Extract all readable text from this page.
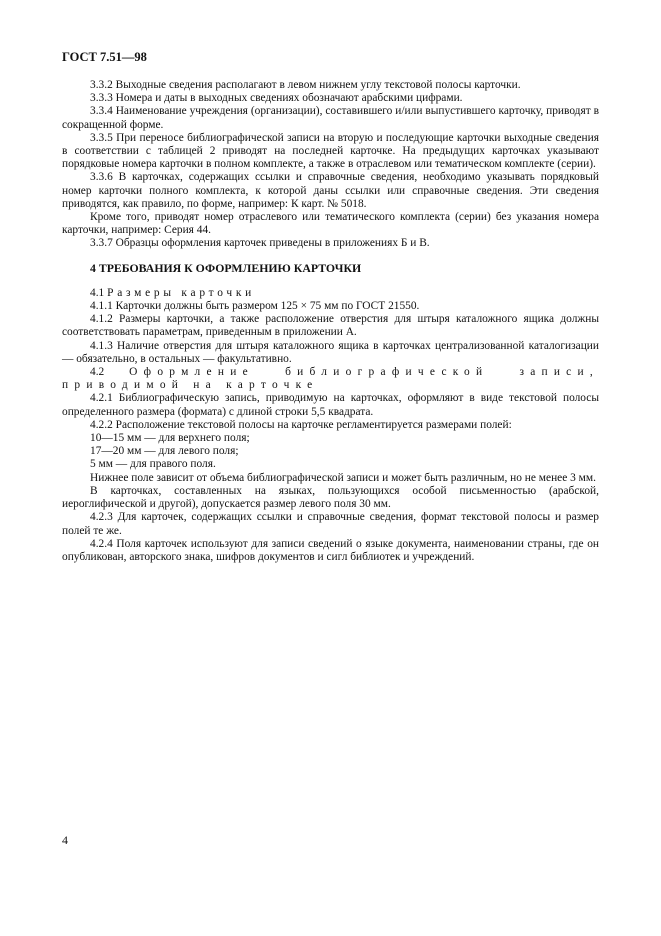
ГОСТ 7.51—98

3.3.2 Выходные сведения располагают в левом нижнем углу текстовой полосы карточки.

3.3.3 Номера и даты в выходных сведениях обозначают арабскими цифрами.

3.3.4 Наименование учреждения (организации), составившего и/или выпустившего карточку, приводят в сокращенной форме.

3.3.5 При переносе библиографической записи на вторую и последующие карточки выходные сведения в соответствии с таблицей 2 приводят на последней карточке. На предыдущих карточках указывают порядковые номера карточки в полном комплекте, а также в отраслевом или тематическом комплекте (серии).

3.3.6 В карточках, содержащих ссылки и справочные сведения, необходимо указывать порядковый номер карточки полного комплекта, к которой даны ссылки или справочные сведения. Эти сведения приводятся, как правило, по форме, например: К карт. № 5018.

Кроме того, приводят номер отраслевого или тематического комплекта (серии) без указания номера карточки, например: Серия 44.

3.3.7 Образцы оформления карточек приведены в приложениях Б и В.

4 ТРЕБОВАНИЯ К ОФОРМЛЕНИЮ КАРТОЧКИ

4.1 Размеры карточки

4.1.1 Карточки должны быть размером 125 × 75 мм по ГОСТ 21550.

4.1.2 Размеры карточки, а также расположение отверстия для штыря каталожного ящика должны соответствовать параметрам, приведенным в приложении А.

4.1.3 Наличие отверстия для штыря каталожного ящика в карточках централизованной каталогизации — обязательно, в остальных — факультативно.

4.2 Оформление библиографической записи, приводимой на карточке

4.2.1 Библиографическую запись, приводимую на карточках, оформляют в виде текстовой полосы определенного размера (формата) с длиной строки 5,5 квадрата.

4.2.2 Расположение текстовой полосы на карточке регламентируется размерами полей:

10—15 мм — для верхнего поля;

17—20 мм — для левого поля;

5 мм — для правого поля.

Нижнее поле зависит от объема библиографической записи и может быть различным, но не менее 3 мм.

В карточках, составленных на языках, пользующихся особой письменностью (арабской, иероглифической и другой), допускается размер левого поля 30 мм.

4.2.3 Для карточек, содержащих ссылки и справочные сведения, формат текстовой полосы и размер полей те же.

4.2.4 Поля карточек используют для записи сведений о языке документа, наименовании страны, где он опубликован, авторского знака, шифров документов и сигл библиотек и учреждений.

4
